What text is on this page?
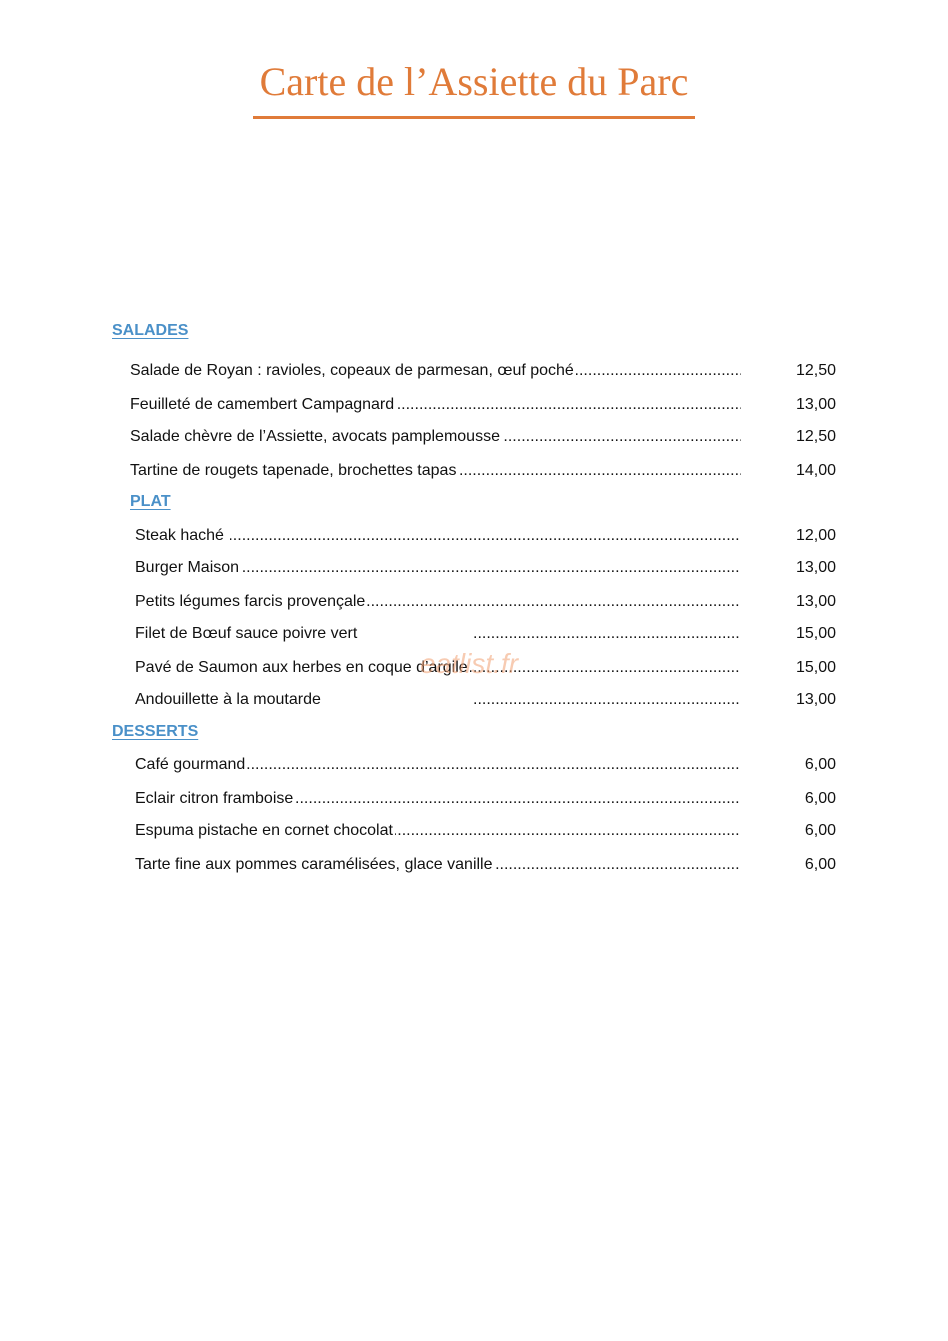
Carte de l’Assiette du Parc
SALADES
Salade de Royan : ravioles, copeaux de parmesan, œuf poché .....	12,50
Feuilleté de camembert Campagnard .....	13,00
Salade chèvre de l’Assiette, avocats pamplemousse .....	12,50
Tartine de rougets tapenade, brochettes tapas .....	14,00
PLAT
Steak haché .....	12,00
Burger Maison .....	13,00
Petits légumes farcis provençale .....	13,00
Filet de Bœuf sauce poivre vert .....	15,00
Pavé de Saumon aux herbes en coque d’argile .....	15,00
Andouillette à la moutarde .....	13,00
DESSERTS
Café gourmand .....	6,00
Eclair citron framboise .....	6,00
Espuma pistache en cornet chocolat .....	6,00
Tarte fine aux pommes caramélisées, glace vanille .....	6,00
eatlist.fr
